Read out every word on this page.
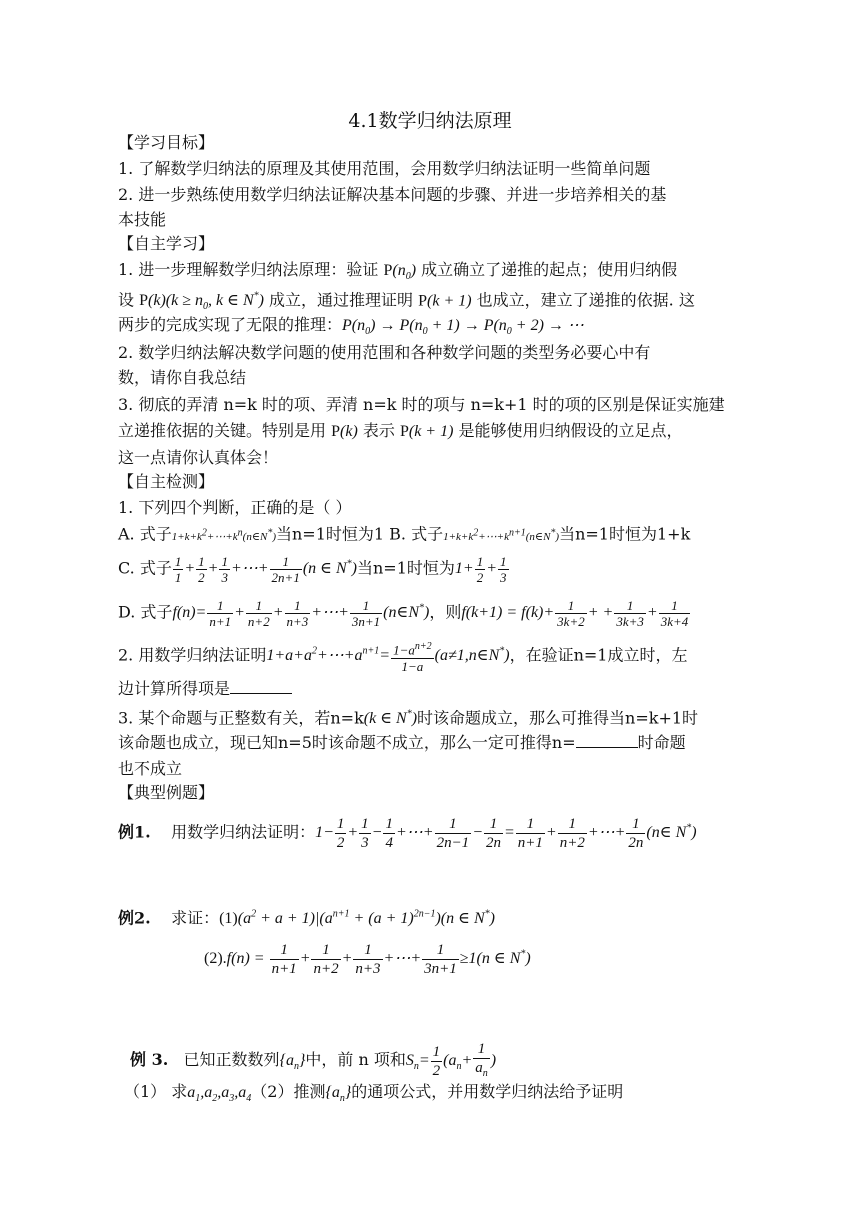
4.1数学归纳法原理
【学习目标】
1. 了解数学归纳法的原理及其使用范围，会用数学归纳法证明一些简单问题
2. 进一步熟练使用数学归纳法证解决基本问题的步骤、并进一步培养相关的基
本技能
【自主学习】
1. 进一步理解数学归纳法原理：验证 $P(n_0)$ 成立确立了递推的起点；使用归纳假
设 $P(k)(k \ge n_0$, k ∈ N*) 成立，通过推理证明 P(k + 1) 也成立，建立了递推的依据. 这
两步的完成实现了无限的推理：$P(n_0) \to P(n_0 + 1) \to P(n_0 + 2)$ → ⋯
2. 数学归纳法解决数学问题的使用范围和各种数学问题的类型务必要心中有
数，请你自我总结
3. 彻底的弄清 n=k 时的项、弄清 n=k 时的项与 n=k+1 时的项的区别是保证实施建
立递推依据的关键。特别是用 P(k) 表示 P(k + 1) 是能够使用归纳假设的立足点，
这一点请你认真体会！
【自主检测】
1. 下列四个判断，正确的是（ ）
A. 式子$1+k+k^2+\cdots+k^n(n\in N^*)$当n=1时恒为1 B. 式子$1+k+k^2+\cdots+k^{n+1}(n\in N^*)$当n=1时恒为1+k
C. 式子 $\frac{1}{1} + \frac{1}{2} + \frac{1}{3}$ +⋯+ $\frac{1}{2n+1} (n$ ∈ N*)当n=1时恒为$1+ \frac{1}{2} + \frac{1}{3}$
D. 式子$f(n)= \frac{1}{n+1} + \frac{1}{n+2} + \frac{1}{n+3}$ +⋯+ $\frac{1}{3n+1}$ (n∈N*)，则$f(k+1) = f(k)+ \frac{1}{3k+2}$ + + $\frac{1}{3k+3} + \frac{1}{3k+4}$
2. 用数学归纳法证明$1+a+a^2+\cdots+a^{n+1}= \frac{1-a^{n+2}}{1-a}$ (a≠1,n∈N*)，在验证n=1成立时，左
边计算所得项是
3. 某个命题与正整数有关，若n=k(k ∈ N*)时该命题成立，那么可推得当n=k+1时
该命题也成立，现已知n=5时该命题不成立，那么一定可推得n=	时命题
也不成立
【典型例题】
例1. 用数学归纳法证明：$1- \frac{1}{2} + \frac{1}{3} - \frac{1}{4}$ +⋯+ $\frac{1}{2n-1} - \frac{1}{2n} = \frac{1}{n+1} + \frac{1}{n+2}$ +⋯+ $\frac{1}{2n}$ (n∈ N*)
例2. 求证：$(1)(a^2 + a + 1)|(a^{n+1} + (a + 1)^{2n-1})(n$ ∈ N*)
$(2).f(n) = \frac{1}{n+1} + \frac{1}{n+2} + \frac{1}{n+3}$ +⋯+ $\frac{1}{3n+1} \ge 1(n$ ∈ N*)
例 3. 已知正数数列$\{a_n\}$中，前 n 项和$S_n= \frac{1}{2} (a_n+ \frac{1}{a_n}$ )
（1） 求$a_1,a_2,a_3,a_4(2)$推测$\{a_n\}$的通项公式，并用数学归纳法给予证明
